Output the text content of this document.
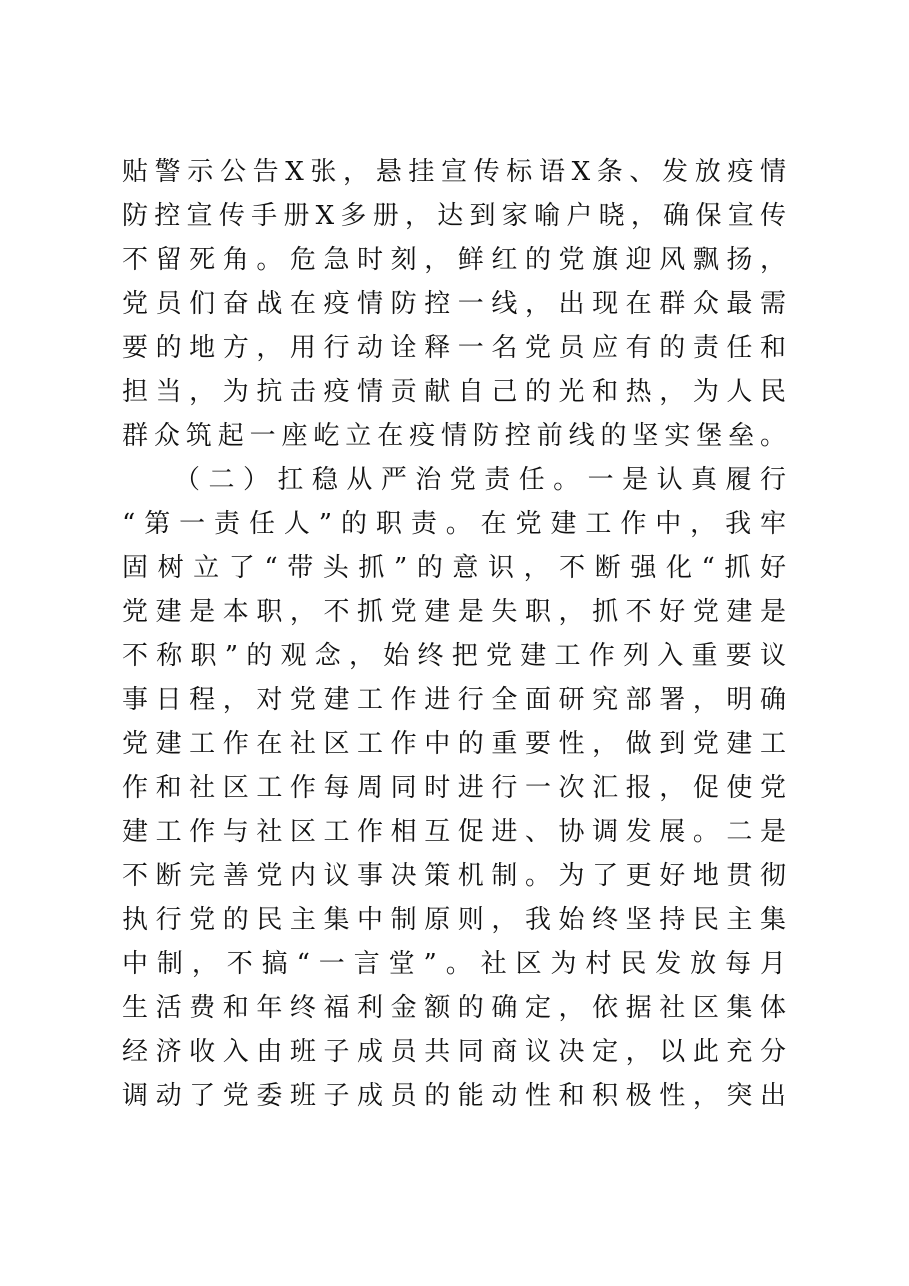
贴警示公告X张，悬挂宣传标语X条、发放疫情
防控宣传手册X多册，达到家喻户晓，确保宣传
不留死角。危急时刻，鲜红的党旗迎风飘扬，
党员们奋战在疫情防控一线，出现在群众最需
要的地方，用行动诠释一名党员应有的责任和
担当，为抗击疫情贡献自己的光和热，为人民
群众筑起一座屹立在疫情防控前线的坚实堡垒。
（二）扛稳从严治党责任。一是认真履行
“第一责任人”的职责。在党建工作中，我牢
固树立了“带头抓”的意识，不断强化“抓好
党建是本职，不抓党建是失职，抓不好党建是
不称职”的观念，始终把党建工作列入重要议
事日程，对党建工作进行全面研究部署，明确
党建工作在社区工作中的重要性，做到党建工
作和社区工作每周同时进行一次汇报，促使党
建工作与社区工作相互促进、协调发展。二是
不断完善党内议事决策机制。为了更好地贯彻
执行党的民主集中制原则，我始终坚持民主集
中制，不搞“一言堂”。社区为村民发放每月
生活费和年终福利金额的确定，依据社区集体
经济收入由班子成员共同商议决定，以此充分
调动了党委班子成员的能动性和积极性，突出
